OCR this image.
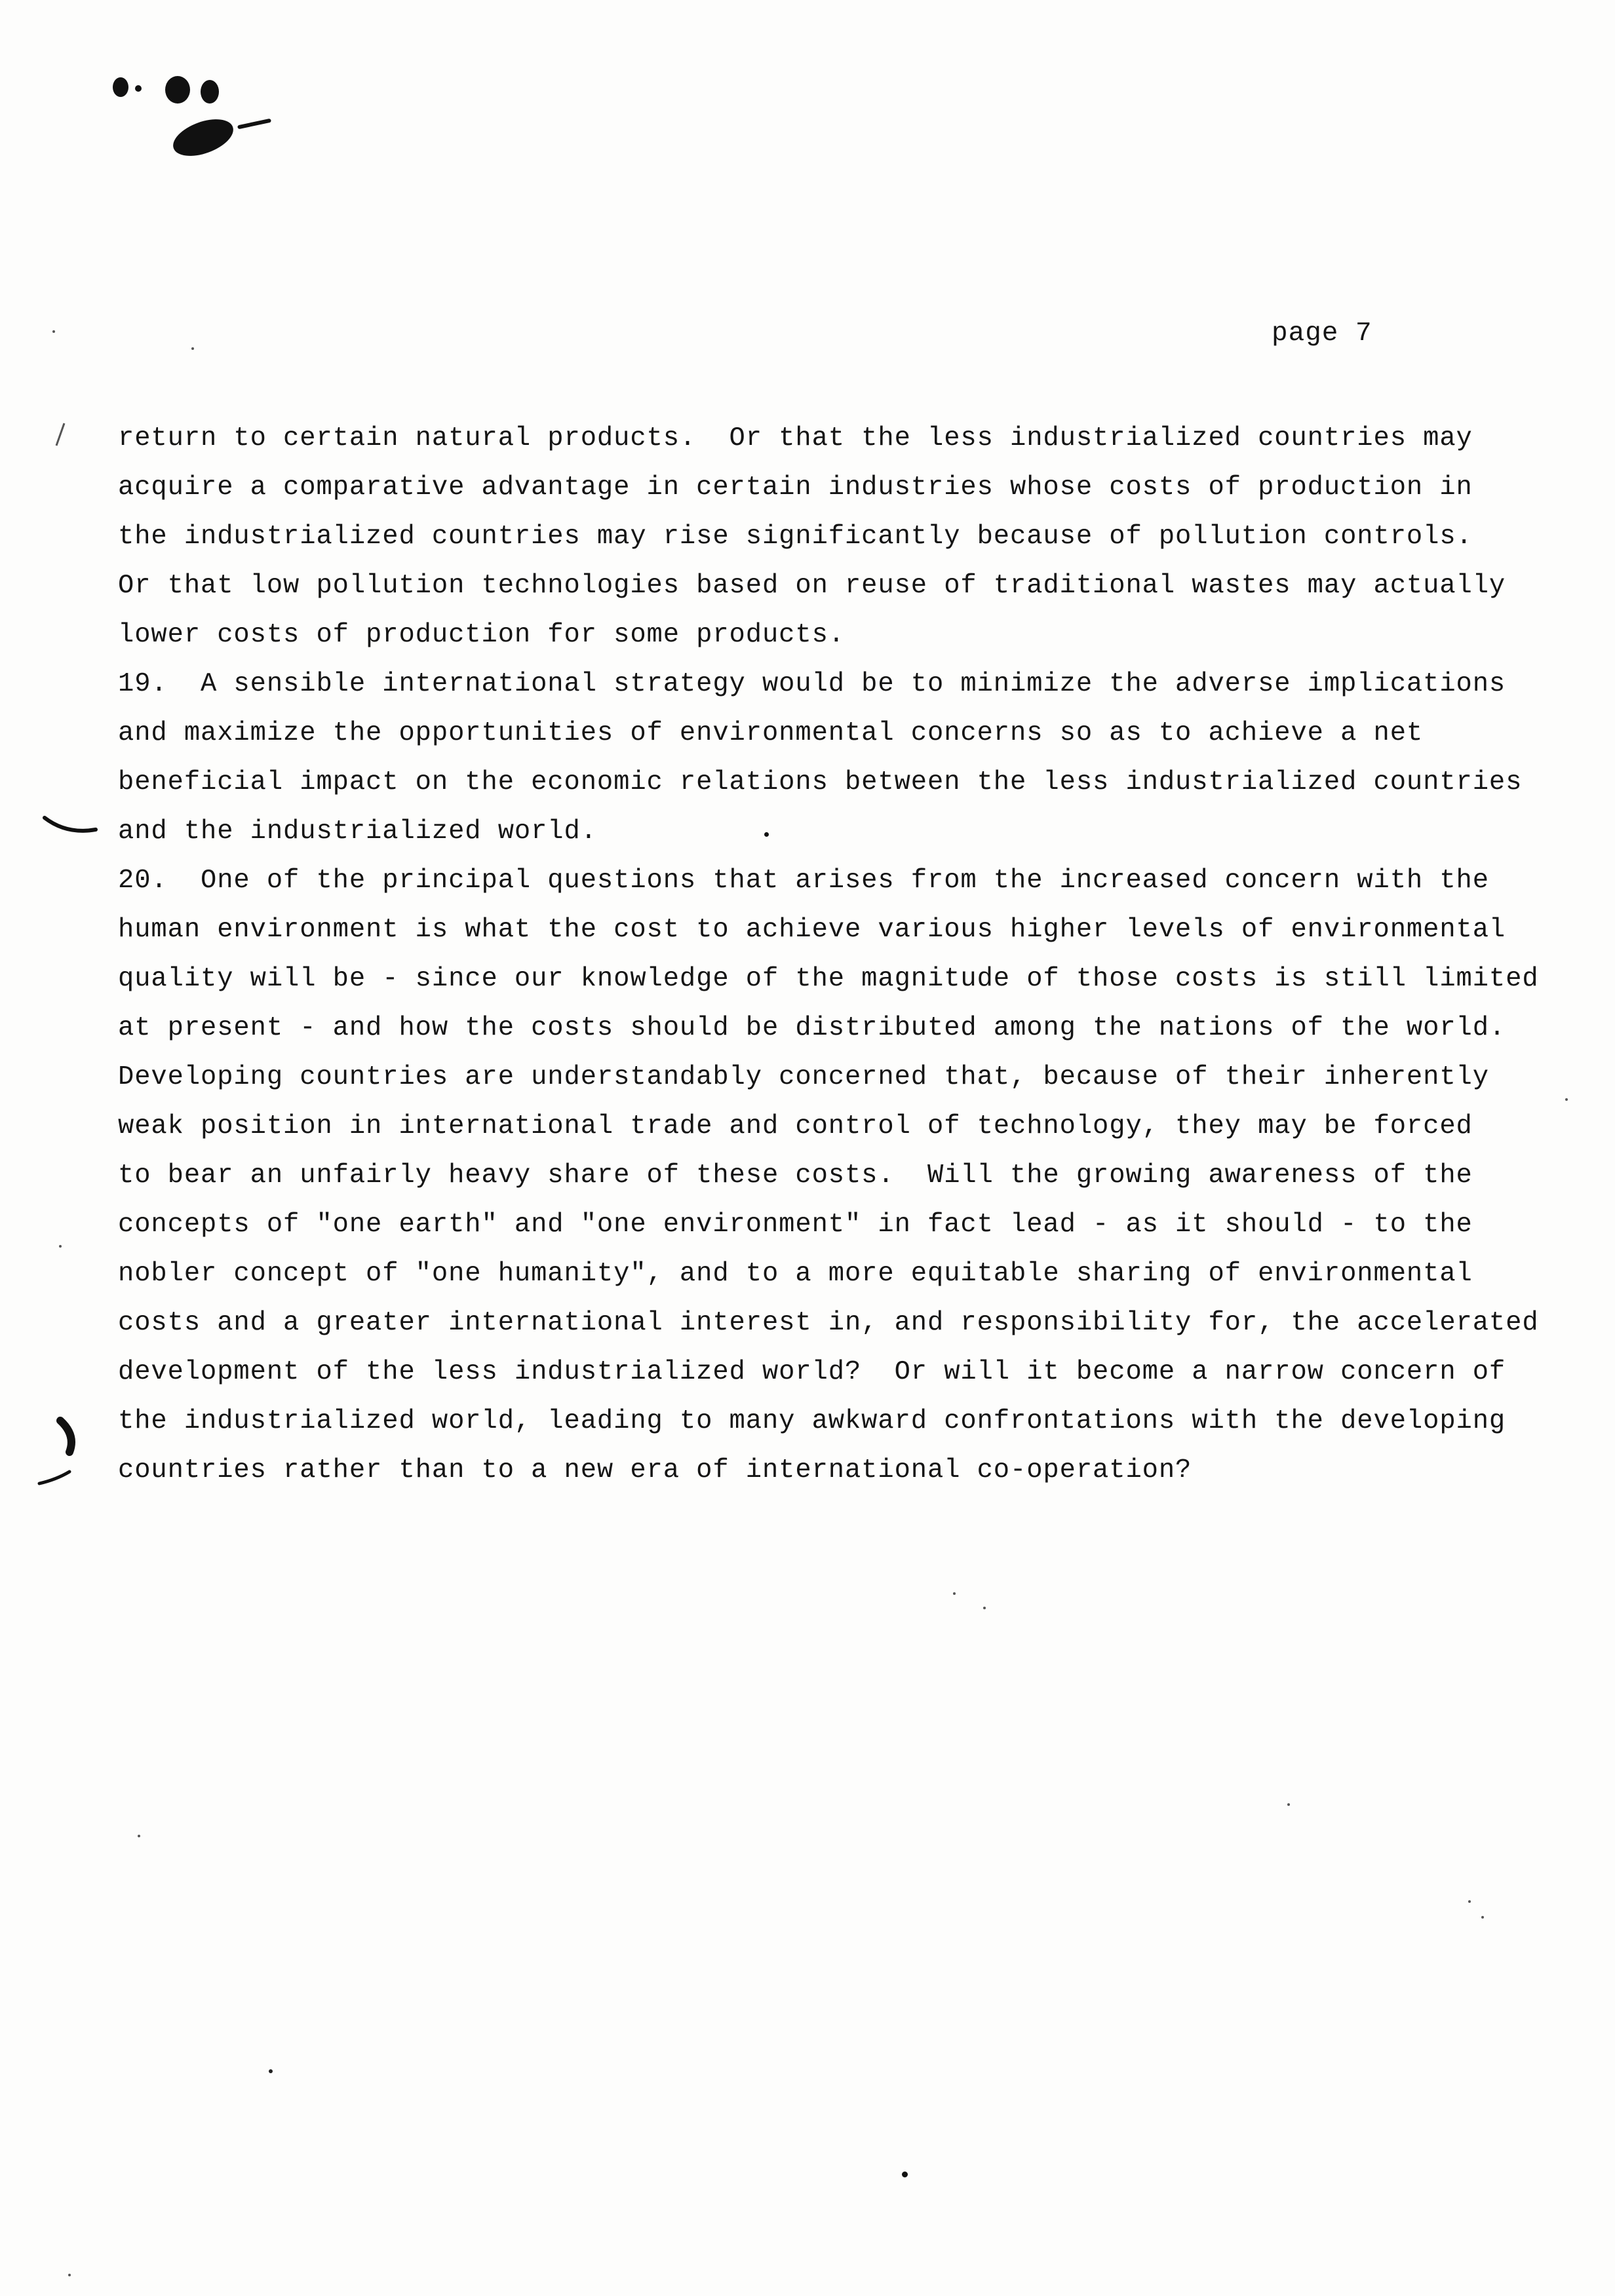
page 7
return to certain natural products.  Or that the less industrialized countries may
acquire a comparative advantage in certain industries whose costs of production in
the industrialized countries may rise significantly because of pollution controls.
Or that low pollution technologies based on reuse of traditional wastes may actually
lower costs of production for some products.
19.  A sensible international strategy would be to minimize the adverse implications
and maximize the opportunities of environmental concerns so as to achieve a net
beneficial impact on the economic relations between the less industrialized countries
and the industrialized world.
20.  One of the principal questions that arises from the increased concern with the
human environment is what the cost to achieve various higher levels of environmental
quality will be - since our knowledge of the magnitude of those costs is still limited
at present - and how the costs should be distributed among the nations of the world.
Developing countries are understandably concerned that, because of their inherently
weak position in international trade and control of technology, they may be forced
to bear an unfairly heavy share of these costs.  Will the growing awareness of the
concepts of "one earth" and "one environment" in fact lead - as it should - to the
nobler concept of "one humanity", and to a more equitable sharing of environmental
costs and a greater international interest in, and responsibility for, the accelerated
development of the less industrialized world?  Or will it become a narrow concern of
the industrialized world, leading to many awkward confrontations with the developing
countries rather than to a new era of international co-operation?
